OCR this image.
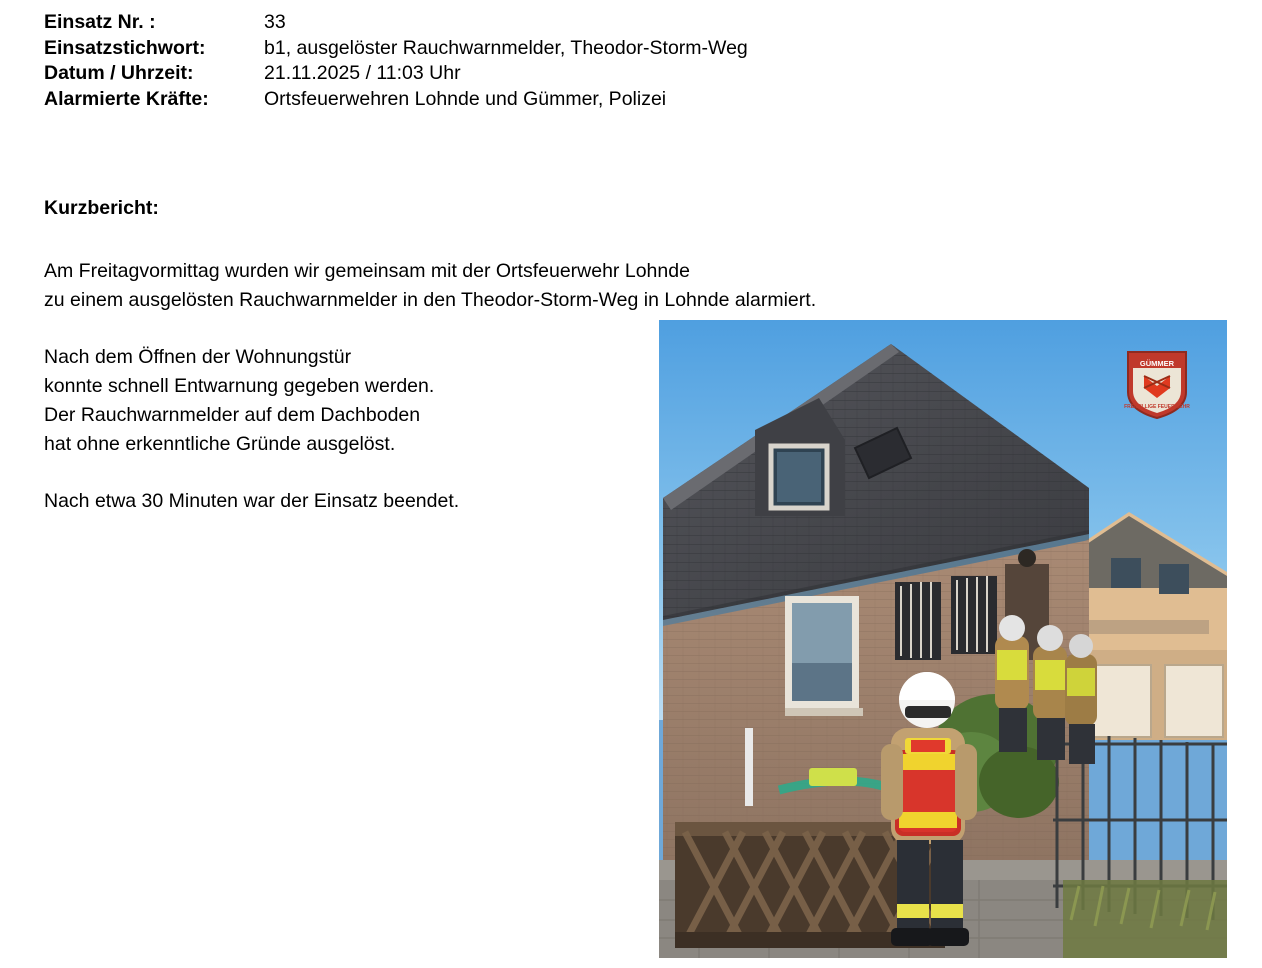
Einsatz Nr. :	33
Einsatzstichwort:	b1, ausgelöster Rauchwarnmelder, Theodor-Storm-Weg
Datum / Uhrzeit:	21.11.2025 / 11:03 Uhr
Alarmierte Kräfte:	Ortsfeuerwehren Lohnde und Gümmer, Polizei
Kurzbericht:
Am Freitagvormittag wurden wir gemeinsam mit der Ortsfeuerwehr Lohnde
zu einem ausgelösten Rauchwarnmelder in den Theodor-Storm-Weg in Lohnde alarmiert.
Nach dem Öffnen der Wohnungstür
konnte schnell Entwarnung gegeben werden.
Der Rauchwarnmelder auf dem Dachboden
hat ohne erkenntliche Gründe ausgelöst.
Nach etwa 30 Minuten war der Einsatz beendet.
GÜMMER
FREIWILLIGE FEUERWEHR
